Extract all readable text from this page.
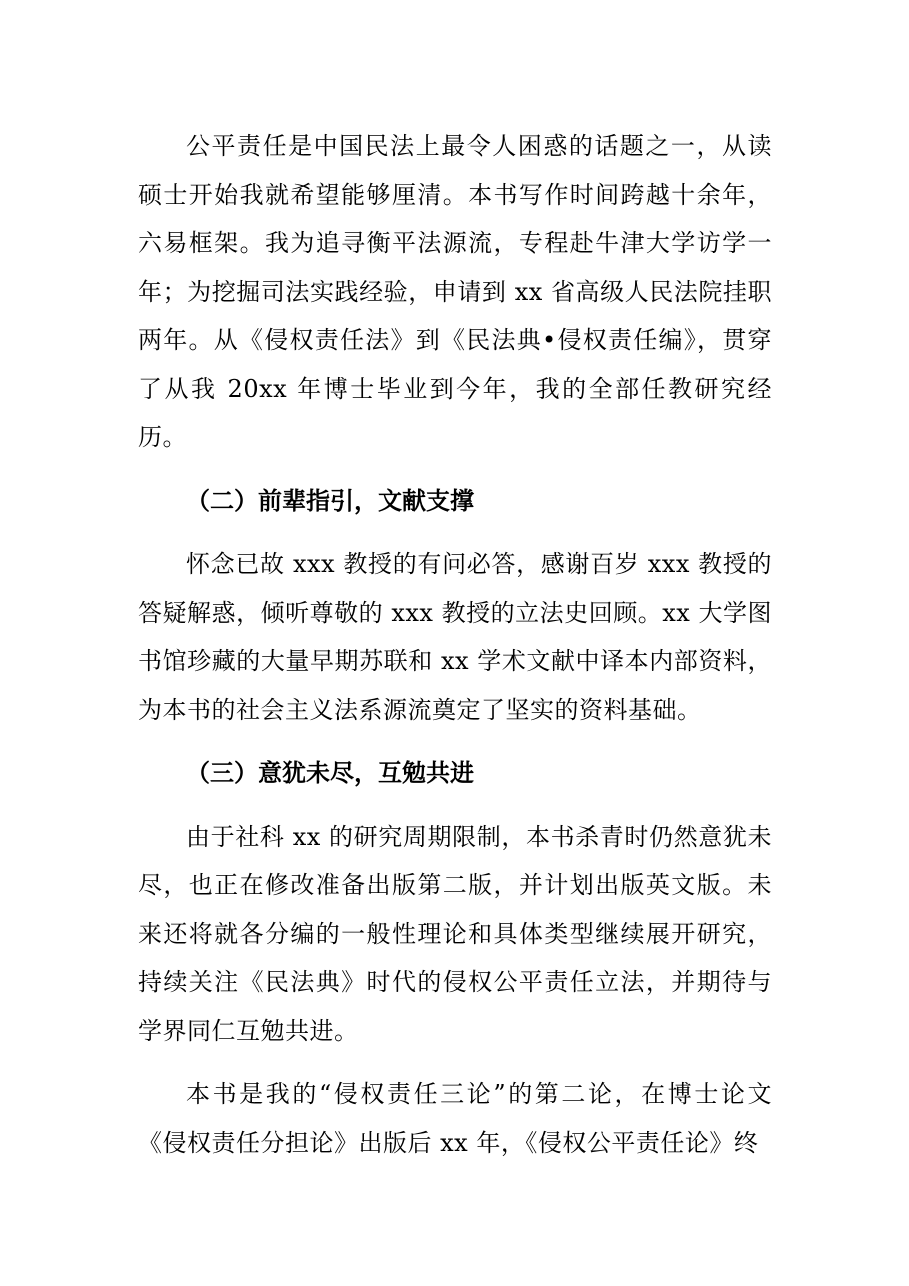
公平责任是中国民法上最令人困惑的话题之一，从读硕士开始我就希望能够厘清。本书写作时间跨越十余年，六易框架。我为追寻衡平法源流，专程赴牛津大学访学一年；为挖掘司法实践经验，申请到 xx 省高级人民法院挂职两年。从《侵权责任法》到《民法典•侵权责任编》，贯穿了从我 20xx 年博士毕业到今年，我的全部任教研究经历。

（二）前辈指引，文献支撑

怀念已故 xxx 教授的有问必答，感谢百岁 xxx 教授的答疑解惑，倾听尊敬的 xxx 教授的立法史回顾。xx 大学图书馆珍藏的大量早期苏联和 xx 学术文献中译本内部资料，为本书的社会主义法系源流奠定了坚实的资料基础。

（三）意犹未尽，互勉共进

由于社科 xx 的研究周期限制，本书杀青时仍然意犹未尽，也正在修改准备出版第二版，并计划出版英文版。未来还将就各分编的一般性理论和具体类型继续展开研究，持续关注《民法典》时代的侵权公平责任立法，并期待与学界同仁互勉共进。

本书是我的“侵权责任三论”的第二论，在博士论文《侵权责任分担论》出版后 xx 年，《侵权公平责任论》终
